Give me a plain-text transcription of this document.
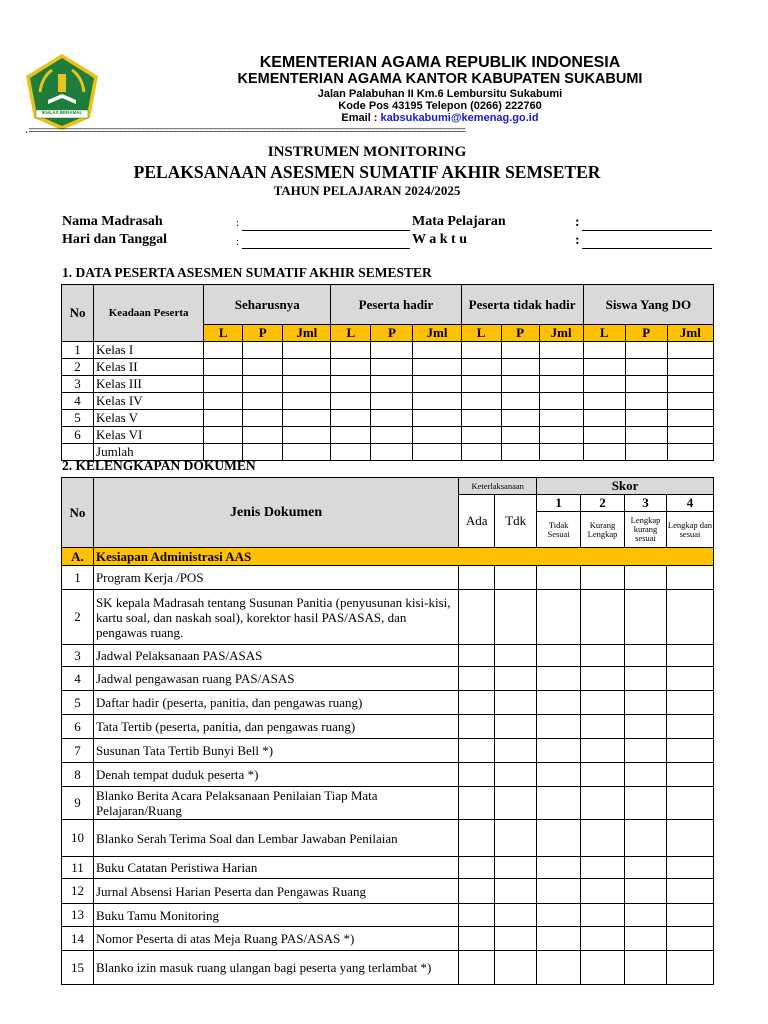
IKHLAS BERAMAL
KEMENTERIAN AGAMA REPUBLIK INDONESIA
KEMENTERIAN AGAMA KANTOR KABUPATEN SUKABUMI
Jalan Palabuhan II Km.6 Lembursitu Sukabumi
Kode Pos 43195 Telepon (0266) 222760
Email : kabsukabumi@kemenag.go.id
.=================================================================================================
INSTRUMEN MONITORING
PELAKSANAAN ASESMEN SUMATIF AKHIR SEMSETER
TAHUN PELAJARAN 2024/2025
Nama Madrasah	:
Hari dan Tanggal	:
Mata Pelajaran	:
W a k t u	:
1. DATA PESERTA ASESMEN SUMATIF AKHIR SEMESTER
No	Keadaan Peserta	Seharusnya			Peserta hadir			Peserta tidak hadir			Siswa Yang DO		
		L	P	Jml	L	P	Jml	L	P	Jml	L	P	Jml
1	Kelas I												
2	Kelas II												
3	Kelas III												
4	Kelas IV												
5	Kelas V												
6	Kelas VI												
	Jumlah												
2. KELENGKAPAN DOKUMEN
No	Jenis Dokumen	Keterlaksanaan		Skor			
		Ada	Tdk	1	2	3	4
				Tidak Sesuai	Kurang Lengkap	Lengkap kurang sesuai	Lengkap dan sesuai
A.	Kesiapan Administrasi AAS						
1	Program Kerja /POS						
2	SK kepala Madrasah tentang Susunan Panitia (penyusunan kisi-kisi, kartu soal, dan naskah soal), korektor hasil PAS/ASAS, dan pengawas ruang.						
3	Jadwal Pelaksanaan PAS/ASAS						
4	Jadwal pengawasan ruang PAS/ASAS						
5	Daftar hadir (peserta, panitia, dan pengawas ruang)						
6	Tata Tertib (peserta, panitia, dan pengawas ruang)						
7	Susunan Tata Tertib Bunyi Bell *)						
8	Denah tempat duduk peserta *)						
9	Blanko Berita Acara Pelaksanaan Penilaian Tiap Mata Pelajaran/Ruang						
10	Blanko Serah Terima Soal dan Lembar Jawaban Penilaian						
11	Buku Catatan Peristiwa Harian						
12	Jurnal Absensi Harian Peserta dan Pengawas Ruang						
13	Buku Tamu Monitoring						
14	Nomor Peserta di atas Meja Ruang PAS/ASAS *)						
15	Blanko izin masuk ruang ulangan bagi peserta yang terlambat *)						
